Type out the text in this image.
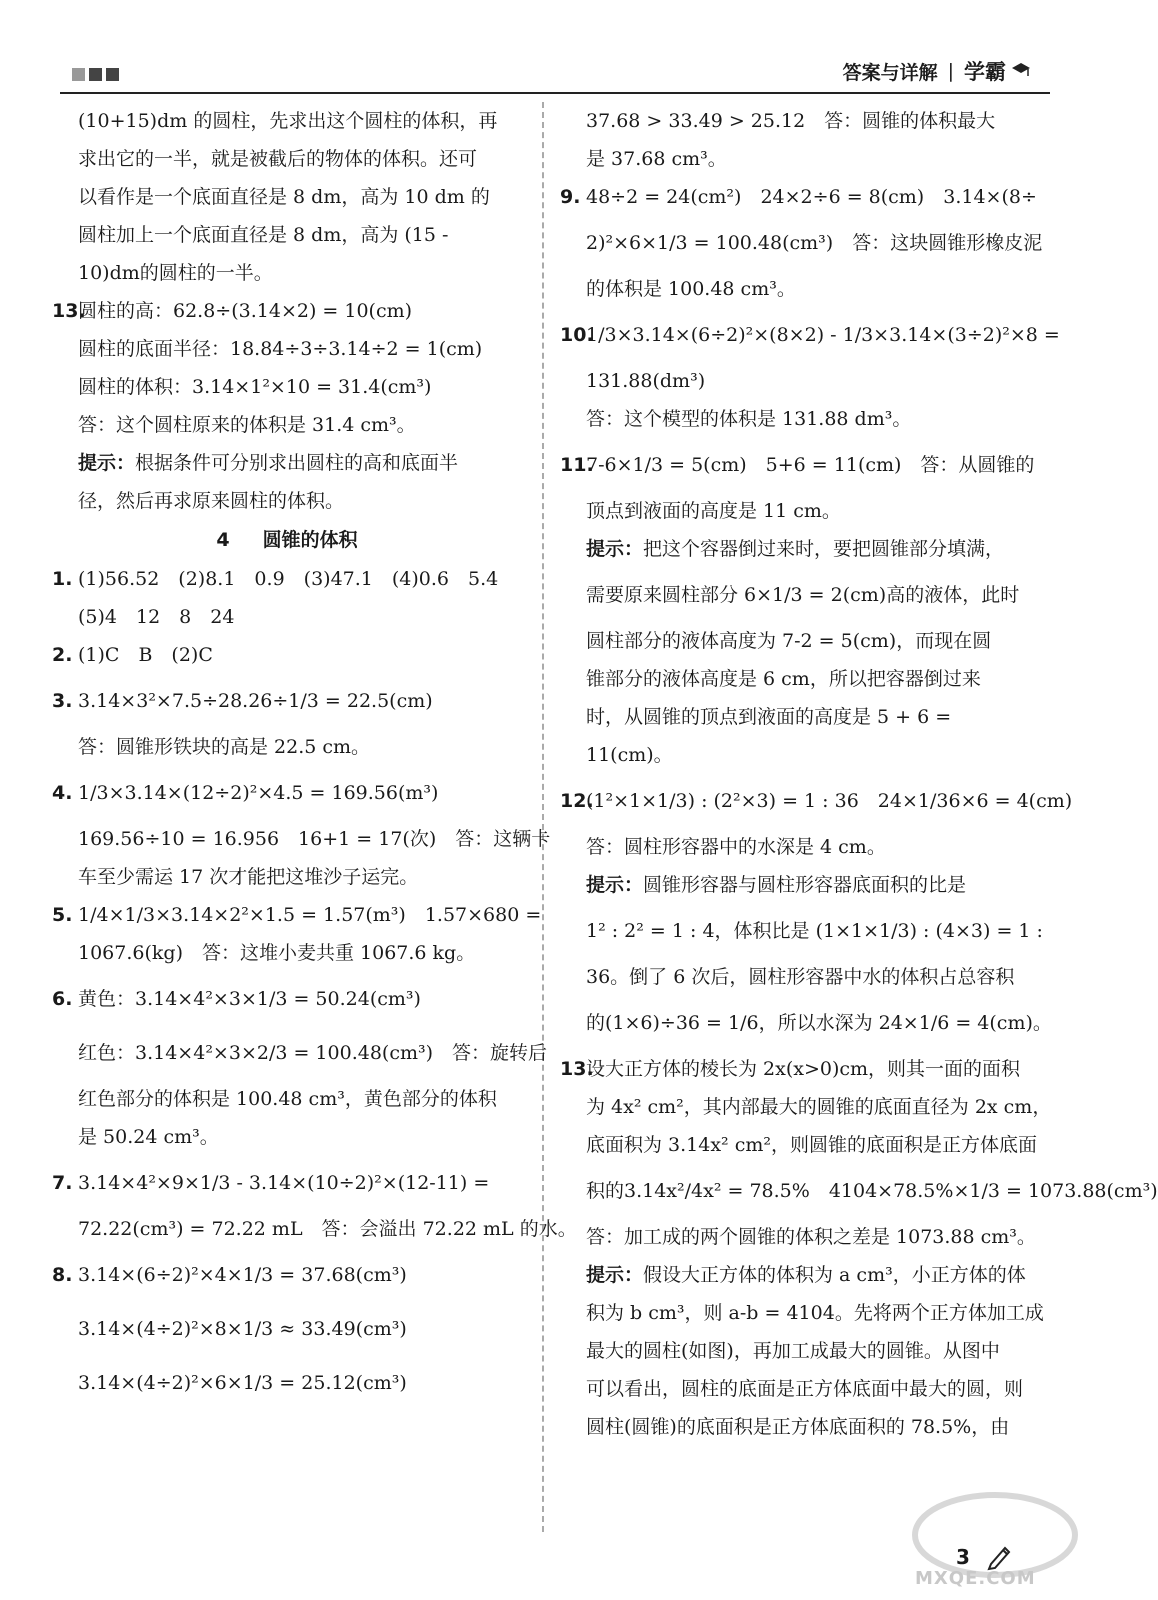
答案与详解 | 学霸
(10+15)dm 的圆柱，先求出这个圆柱的体积，再
求出它的一半，就是被截后的物体的体积。还可
以看作是一个底面直径是 8 dm，高为 10 dm 的
圆柱加上一个底面直径是 8 dm，高为 (15 -
10)dm的圆柱的一半。
13.圆柱的高：62.8÷(3.14×2) = 10(cm)
圆柱的底面半径：18.84÷3÷3.14÷2 = 1(cm)
圆柱的体积：3.14×1²×10 = 31.4(cm³)
答：这个圆柱原来的体积是 31.4 cm³。
提示：根据条件可分别求出圆柱的高和底面半
径，然后再求原来圆柱的体积。
4 圆锥的体积
1. (1)56.52　(2)8.1　0.9　(3)47.1　(4)0.6　5.4
(5)4　12　8　24
2. (1)C　B　(2)C
3. 3.14×3²×7.5÷28.26÷1/3 = 22.5(cm)
答：圆锥形铁块的高是 22.5 cm。
4. 1/3×3.14×(12÷2)²×4.5 = 169.56(m³)
169.56÷10 = 16.956　16+1 = 17(次)　答：这辆卡
车至少需运 17 次才能把这堆沙子运完。
5. 1/4×1/3×3.14×2²×1.5 = 1.57(m³)　1.57×680 =
1067.6(kg)　答：这堆小麦共重 1067.6 kg。
6. 黄色：3.14×4²×3×1/3 = 50.24(cm³)
红色：3.14×4²×3×2/3 = 100.48(cm³)　答：旋转后
红色部分的体积是 100.48 cm³，黄色部分的体积
是 50.24 cm³。
7. 3.14×4²×9×1/3 - 3.14×(10÷2)²×(12-11) =
72.22(cm³) = 72.22 mL　答：会溢出 72.22 mL 的水。
8. 3.14×(6÷2)²×4×1/3 = 37.68(cm³)
3.14×(4÷2)²×8×1/3 ≈ 33.49(cm³)
3.14×(4÷2)²×6×1/3 = 25.12(cm³)
37.68 > 33.49 > 25.12　答：圆锥的体积最大
是 37.68 cm³。
9. 48÷2 = 24(cm²)　24×2÷6 = 8(cm)　3.14×(8÷
2)²×6×1/3 = 100.48(cm³)　答：这块圆锥形橡皮泥
的体积是 100.48 cm³。
10.1/3×3.14×(6÷2)²×(8×2) - 1/3×3.14×(3÷2)²×8 =
131.88(dm³)
答：这个模型的体积是 131.88 dm³。
11.7-6×1/3 = 5(cm)　5+6 = 11(cm)　答：从圆锥的
顶点到液面的高度是 11 cm。
提示：把这个容器倒过来时，要把圆锥部分填满，
需要原来圆柱部分 6×1/3 = 2(cm)高的液体，此时
圆柱部分的液体高度为 7-2 = 5(cm)，而现在圆
锥部分的液体高度是 6 cm，所以把容器倒过来
时，从圆锥的顶点到液面的高度是 5 + 6 =
11(cm)。
12.(1²×1×1/3) : (2²×3) = 1 : 36　24×1/36×6 = 4(cm)
答：圆柱形容器中的水深是 4 cm。
提示：圆锥形容器与圆柱形容器底面积的比是
1² : 2² = 1 : 4，体积比是 (1×1×1/3) : (4×3) = 1 :
36。倒了 6 次后，圆柱形容器中水的体积占总容积
的(1×6)÷36 = 1/6，所以水深为 24×1/6 = 4(cm)。
13.设大正方体的棱长为 2x(x>0)cm，则其一面的面积
为 4x² cm²，其内部最大的圆锥的底面直径为 2x cm，
底面积为 3.14x² cm²，则圆锥的底面积是正方体底面
积的3.14x²/4x² = 78.5%　4104×78.5%×1/3 = 1073.88(cm³)
答：加工成的两个圆锥的体积之差是 1073.88 cm³。
提示：假设大正方体的体积为 a cm³，小正方体的体
积为 b cm³，则 a-b = 4104。先将两个正方体加工成
最大的圆柱(如图)，再加工成最大的圆锥。从图中
可以看出，圆柱的底面是正方体底面中最大的圆，则
圆柱(圆锥)的底面积是正方体底面积的 78.5%，由
MXQE.COM
3
